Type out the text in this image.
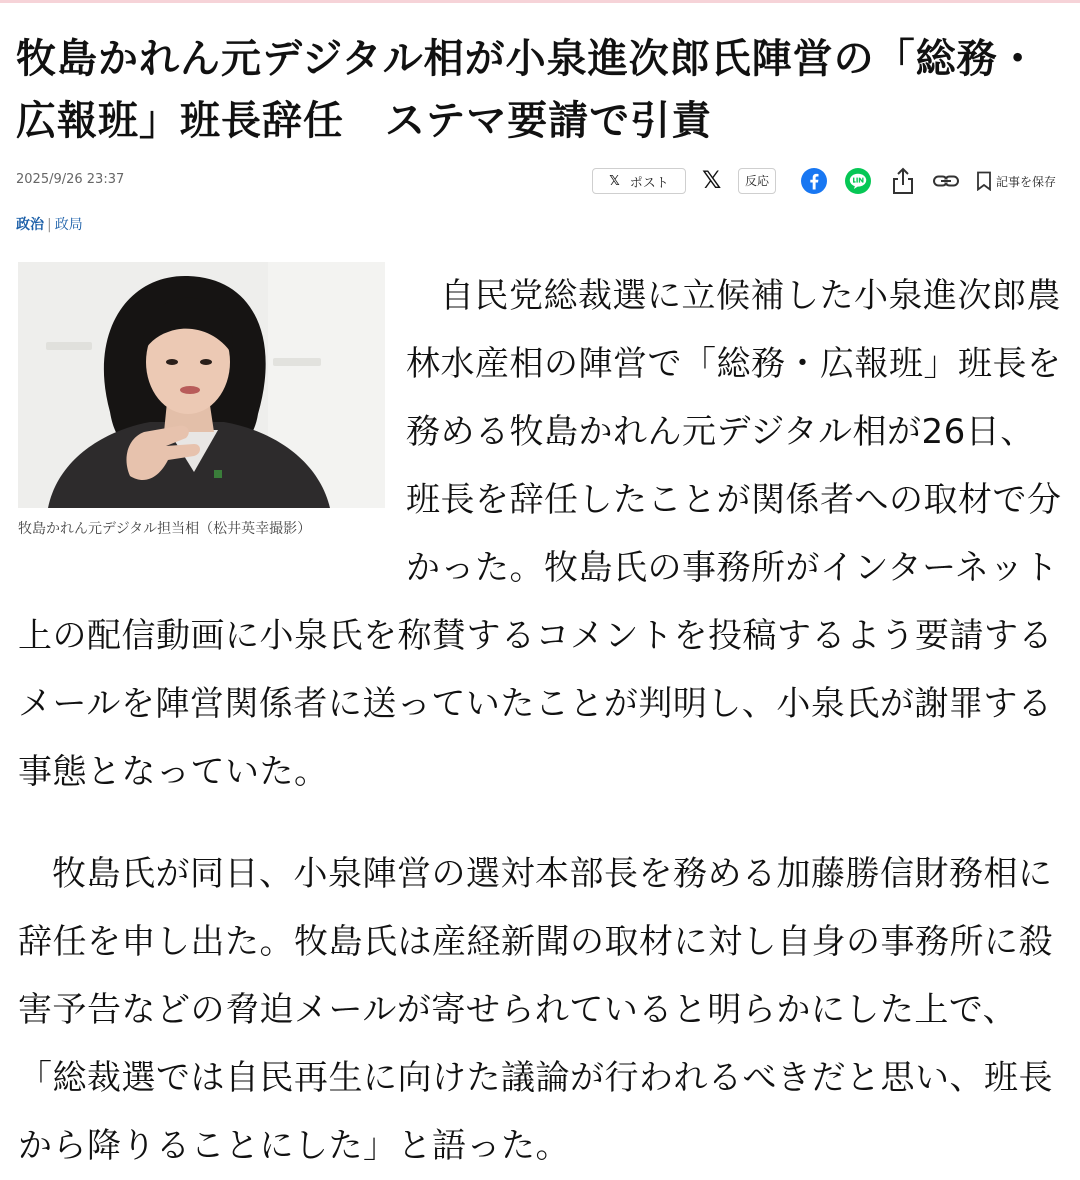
牧島かれん元デジタル相が小泉進次郎氏陣営の「総務・広報班」班長辞任　ステマ要請で引責
2025/9/26 23:37	𝕏 ポスト 𝕏	反応	記事を保存
政治 | 政局
牧島かれん元デジタル担当相（松井英幸撮影）

自民党総裁選に立候補した小泉進次郎農林水産相の陣営で「総務・広報班」班長を務める牧島かれん元デジタル相が26日、班長を辞任したことが関係者への取材で分かった。牧島氏の事務所がインターネット上の配信動画に小泉氏を称賛するコメントを投稿するよう要請するメールを陣営関係者に送っていたことが判明し、小泉氏が謝罪する事態となっていた。

牧島氏が同日、小泉陣営の選対本部長を務める加藤勝信財務相に辞任を申し出た。牧島氏は産経新聞の取材に対し自身の事務所に殺害予告などの脅迫メールが寄せられていると明らかにした上で、「総裁選では自民再生に向けた議論が行われるべきだと思い、班長から降りることにした」と語った。
